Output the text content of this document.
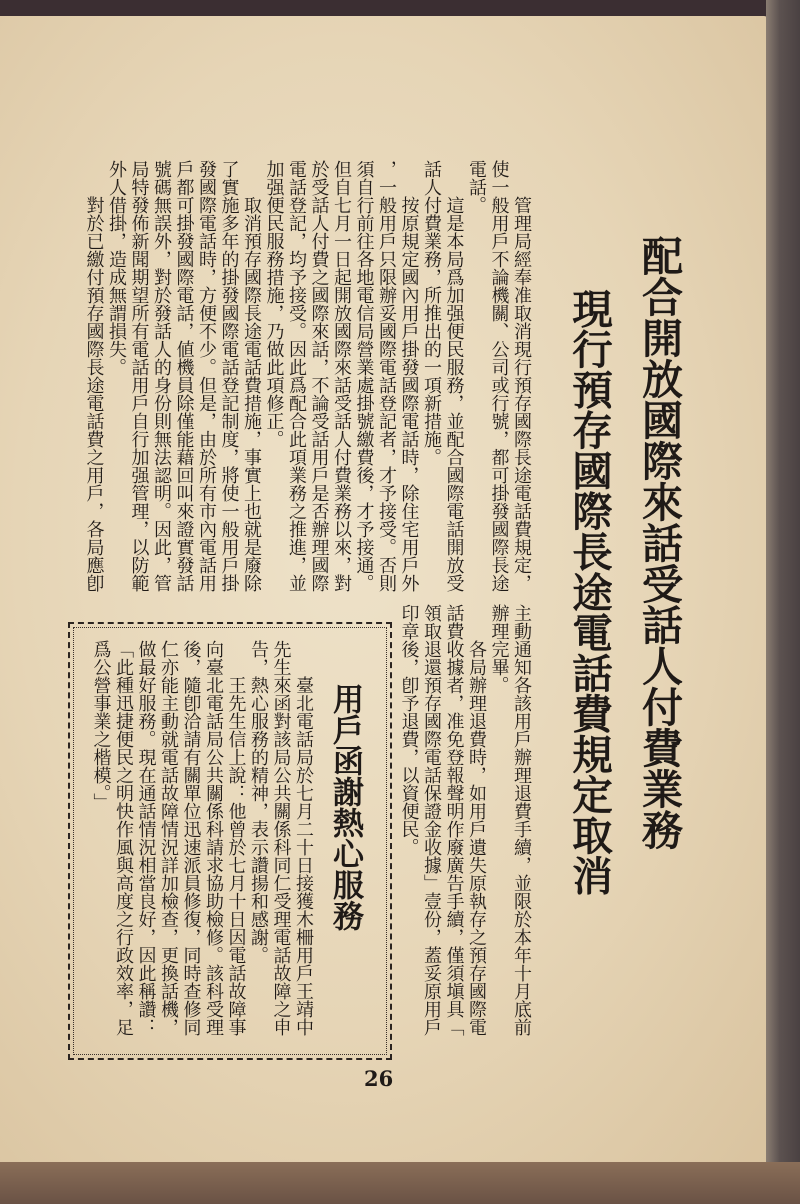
配合開放國際來話受話人付費業務
現行預存國際長途電話費規定取消
管理局經奉准取消現行預存國際長途電話費規定，
使一般用戶不論機關、公司或行號，都可掛發國際長途
電話。
這是本局爲加强便民服務，並配合國際電話開放受
話人付費業務，所推出的一項新措施。
按原規定國內用戶掛發國際電話時，除住宅用戶外
，一般用戶只限辦妥國際電話登記者，才予接受。否則
須自行前往各地電信局營業處掛號繳費後，才予接通。
但自七月一日起開放國際來話受話人付費業務以來，對
於受話人付費之國際來話，不論受話用戶是否辦理國際
電話登記，均予接受。因此爲配合此項業務之推進，並
加强便民服務措施，乃做此項修正。
取消預存國際長途電話費措施，事實上也就是廢除
了實施多年的掛發國際電話登記制度，將使一般用戶掛
發國際電話時，方便不少。但是，由於所有市內電話用
戶都可掛發國際電話，値機員除僅能藉回叫來證實發話
號碼無誤外，對於發話人的身份則無法認明。因此，管
局特發佈新聞期望所有電話用戶自行加强管理，以防範
外人借掛，造成無謂損失。
對於已繳付預存國際長途電話費之用戶，各局應卽
主動通知各該用戶辦理退費手續，並限於本年十月底前
辦理完畢。
各局辦理退費時，如用戶遺失原執存之預存國際電
話費收據者，准免登報聲明作廢廣告手續，僅須塡具「
領取退還預存國際電話保證金收據」壹份，蓋妥原用戶
印章後，卽予退費，以資便民。
用戶函謝熱心服務
臺北電話局於七月二十日接獲木柵用戶王靖中
先生來函對該局公共關係科同仁受理電話故障之申
告，熱心服務的精神，表示讚揚和感謝。
王先生信上說：他曾於七月十日因電話故障事
向臺北電話局公共關係科請求協助檢修。該科受理
後，隨卽洽請有關單位迅速派員修復，同時查修同
仁亦能主動就電話故障情況詳加檢查，更換話機，
做最好服務。現在通話情況相當良好，因此稱讚：
「此種迅捷便民之明快作風與高度之行政效率，足
爲公營事業之楷模。」
26
